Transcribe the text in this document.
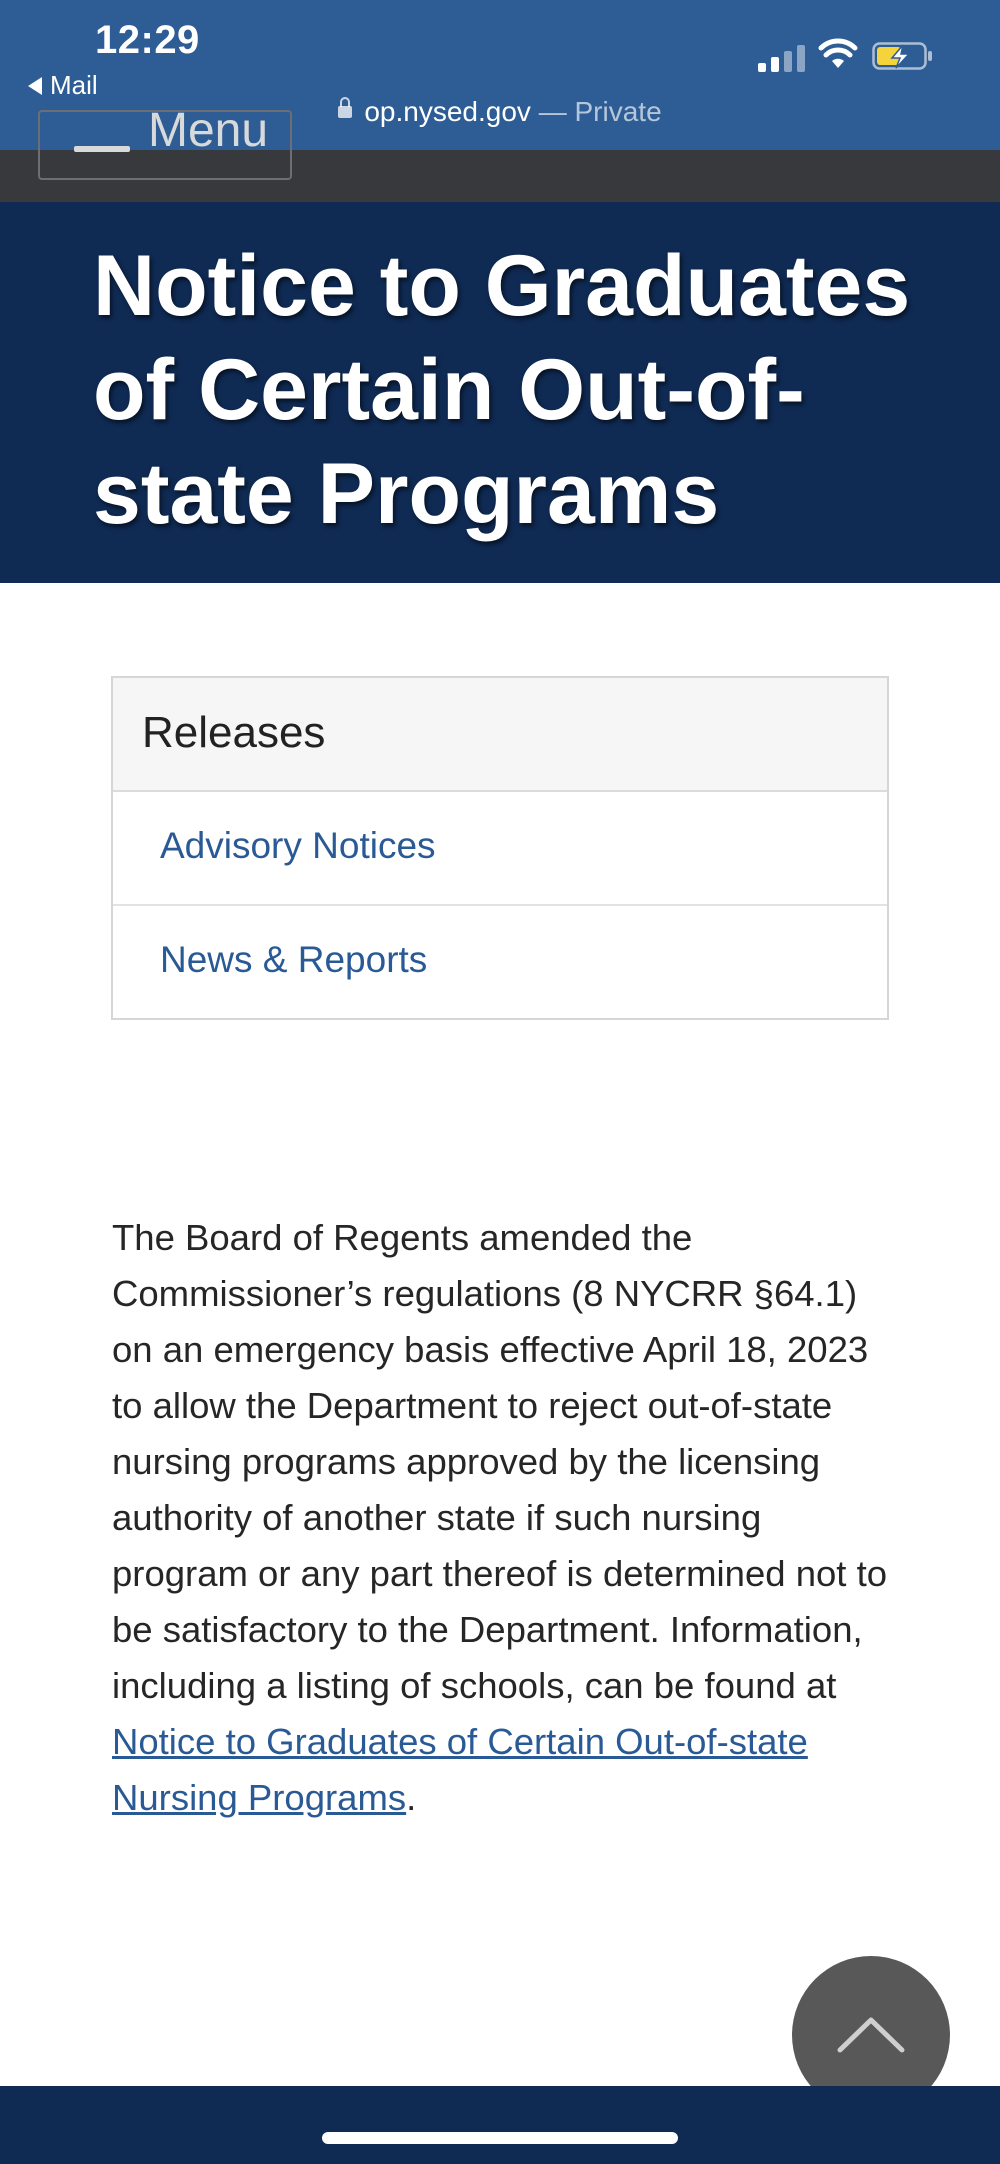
12:29
Mail
op.nysed.gov — Private
Menu
Notice to Graduates of Certain Out-of-state Programs
Releases
Advisory Notices
News & Reports

The Board of Regents amended the Commissioner’s regulations (8 NYCRR §64.1) on an emergency basis effective April 18, 2023 to allow the Department to reject out-of-state nursing programs approved by the licensing authority of another state if such nursing program or any part thereof is determined not to be satisfactory to the Department. Information, including a listing of schools, can be found at Notice to Graduates of Certain Out-of-state Nursing Programs.
